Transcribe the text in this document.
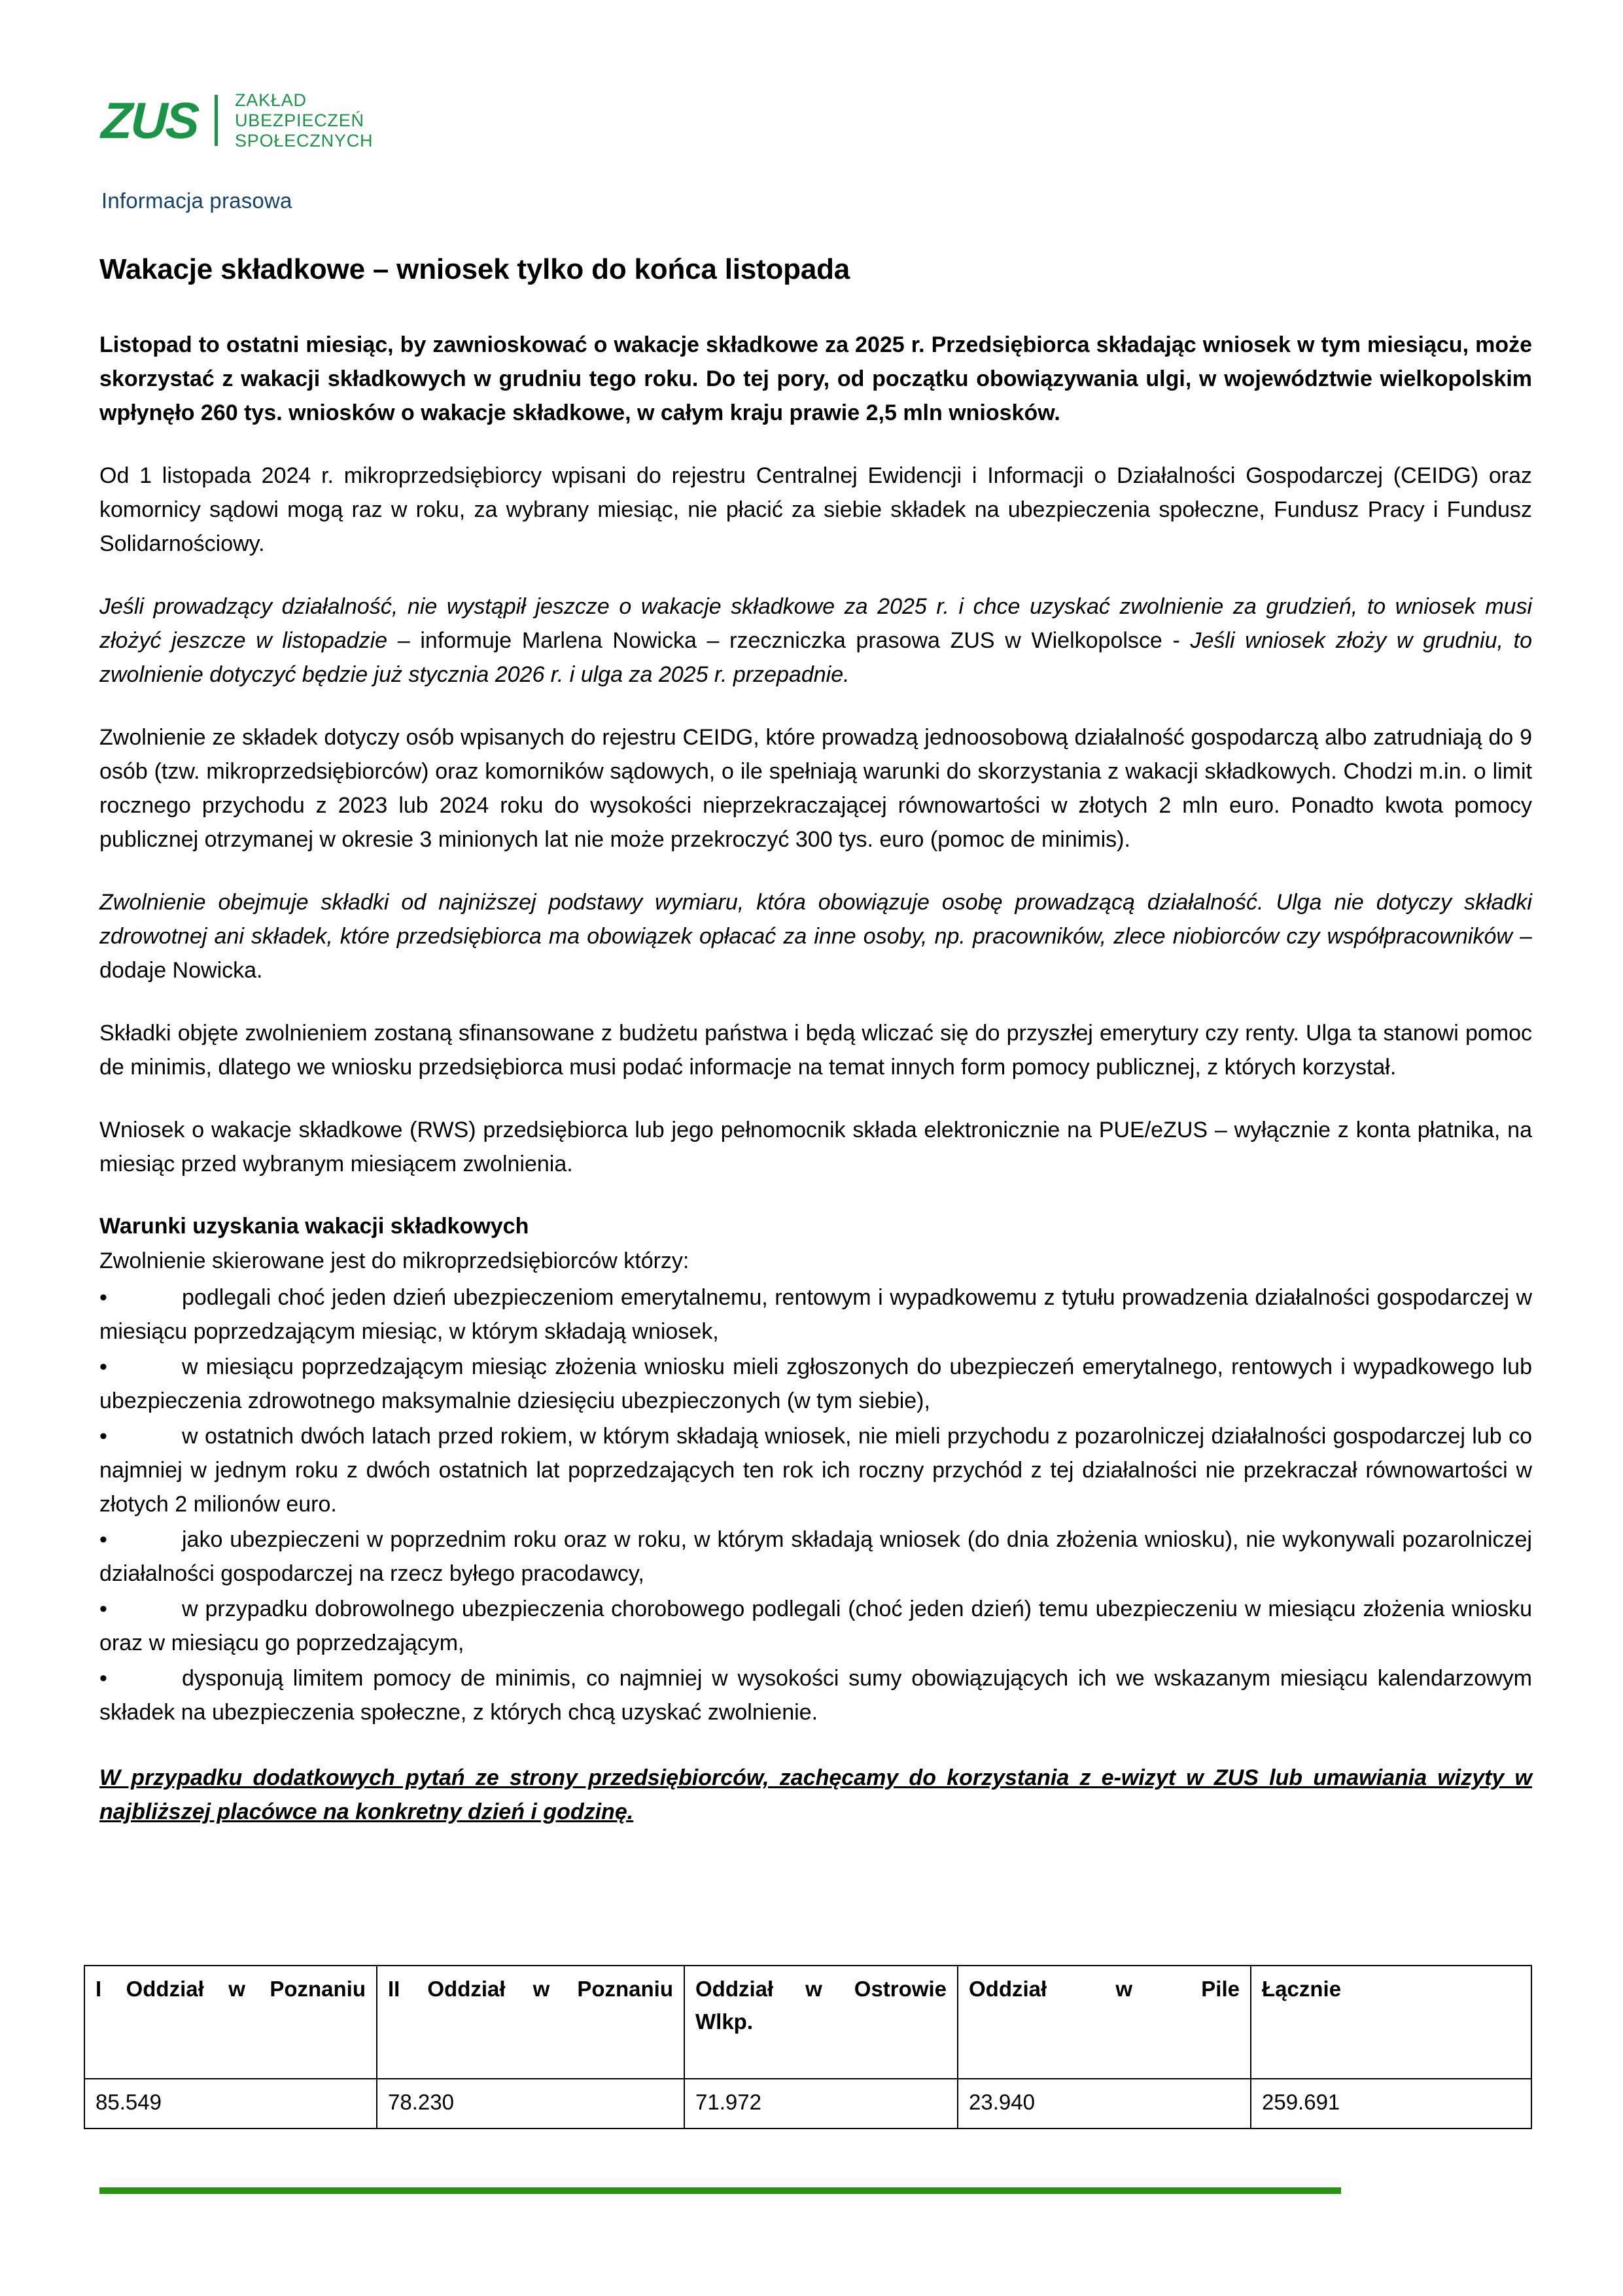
ZUS ZAKŁAD
UBEZPIECZEŃ
SPOŁECZNYCH
Informacja prasowa
Wakacje składkowe – wniosek tylko do końca listopada

Listopad to ostatni miesiąc, by zawnioskować o wakacje składkowe za 2025 r. Przedsiębiorca składając wniosek w tym miesiącu, może skorzystać z wakacji składkowych w grudniu tego roku. Do tej pory, od początku obowiązywania ulgi, w województwie wielkopolskim wpłynęło 260 tys. wniosków o wakacje składkowe, w całym kraju prawie 2,5 mln wniosków.

Od 1 listopada 2024 r. mikroprzedsiębiorcy wpisani do rejestru Centralnej Ewidencji i Informacji o Działalności Gospodarczej (CEIDG) oraz komornicy sądowi mogą raz w roku, za wybrany miesiąc, nie płacić za siebie składek na ubezpieczenia społeczne, Fundusz Pracy i Fundusz Solidarnościowy.

Jeśli prowadzący działalność, nie wystąpił jeszcze o wakacje składkowe za 2025 r. i chce uzyskać zwolnienie za grudzień, to wniosek musi złożyć jeszcze w listopadzie – informuje Marlena Nowicka – rzeczniczka prasowa ZUS w Wielkopolsce - Jeśli wniosek złoży w grudniu, to zwolnienie dotyczyć będzie już stycznia 2026 r. i ulga za 2025 r. przepadnie.

Zwolnienie ze składek dotyczy osób wpisanych do rejestru CEIDG, które prowadzą jednoosobową działalność gospodarczą albo zatrudniają do 9 osób (tzw. mikroprzedsiębiorców) oraz komorników sądowych, o ile spełniają warunki do skorzystania z wakacji składkowych. Chodzi m.in. o limit rocznego przychodu z 2023 lub 2024 roku do wysokości nieprzekraczającej równowartości w złotych 2 mln euro. Ponadto kwota pomocy publicznej otrzymanej w okresie 3 minionych lat nie może przekroczyć 300 tys. euro (pomoc de minimis).

Zwolnienie obejmuje składki od najniższej podstawy wymiaru, która obowiązuje osobę prowadzącą działalność. Ulga nie dotyczy składki zdrowotnej ani składek, które przedsiębiorca ma obowiązek opłacać za inne osoby, np. pracowników, zlece niobiorców czy współpracowników – dodaje Nowicka.

Składki objęte zwolnieniem zostaną sfinansowane z budżetu państwa i będą wliczać się do przyszłej emerytury czy renty. Ulga ta stanowi pomoc de minimis, dlatego we wniosku przedsiębiorca musi podać informacje na temat innych form pomocy publicznej, z których korzystał.

Wniosek o wakacje składkowe (RWS) przedsiębiorca lub jego pełnomocnik składa elektronicznie na PUE/eZUS – wyłącznie z konta płatnika, na miesiąc przed wybranym miesiącem zwolnienia.

Warunki uzyskania wakacji składkowych
Zwolnienie skierowane jest do mikroprzedsiębiorców którzy:

•	podlegali choć jeden dzień ubezpieczeniom emerytalnemu, rentowym i wypadkowemu z tytułu prowadzenia działalności gospodarczej w miesiącu poprzedzającym miesiąc, w którym składają wniosek,

•	w miesiącu poprzedzającym miesiąc złożenia wniosku mieli zgłoszonych do ubezpieczeń emerytalnego, rentowych i wypadkowego lub ubezpieczenia zdrowotnego maksymalnie dziesięciu ubezpieczonych (w tym siebie),

•	w ostatnich dwóch latach przed rokiem, w którym składają wniosek, nie mieli przychodu z pozarolniczej działalności gospodarczej lub co najmniej w jednym roku z dwóch ostatnich lat poprzedzających ten rok ich roczny przychód z tej działalności nie przekraczał równowartości w złotych 2 milionów euro.

•	jako ubezpieczeni w poprzednim roku oraz w roku, w którym składają wniosek (do dnia złożenia wniosku), nie wykonywali pozarolniczej działalności gospodarczej na rzecz byłego pracodawcy,

•	w przypadku dobrowolnego ubezpieczenia chorobowego podlegali (choć jeden dzień) temu ubezpieczeniu w miesiącu złożenia wniosku oraz w miesiącu go poprzedzającym,

•	dysponują limitem pomocy de minimis, co najmniej w wysokości sumy obowiązujących ich we wskazanym miesiącu kalendarzowym składek na ubezpieczenia społeczne, z których chcą uzyskać zwolnienie.

W przypadku dodatkowych pytań ze strony przedsiębiorców, zachęcamy do korzystania z e-wizyt w ZUS lub umawiania wizyty w najbliższej placówce na konkretny dzień i godzinę.

I Oddział w Poznaniu	II Oddział w Poznaniu	Oddział w Ostrowie Wlkp.	Oddział w Pile	Łącznie

85.549	78.230	71.972	23.940	259.691
